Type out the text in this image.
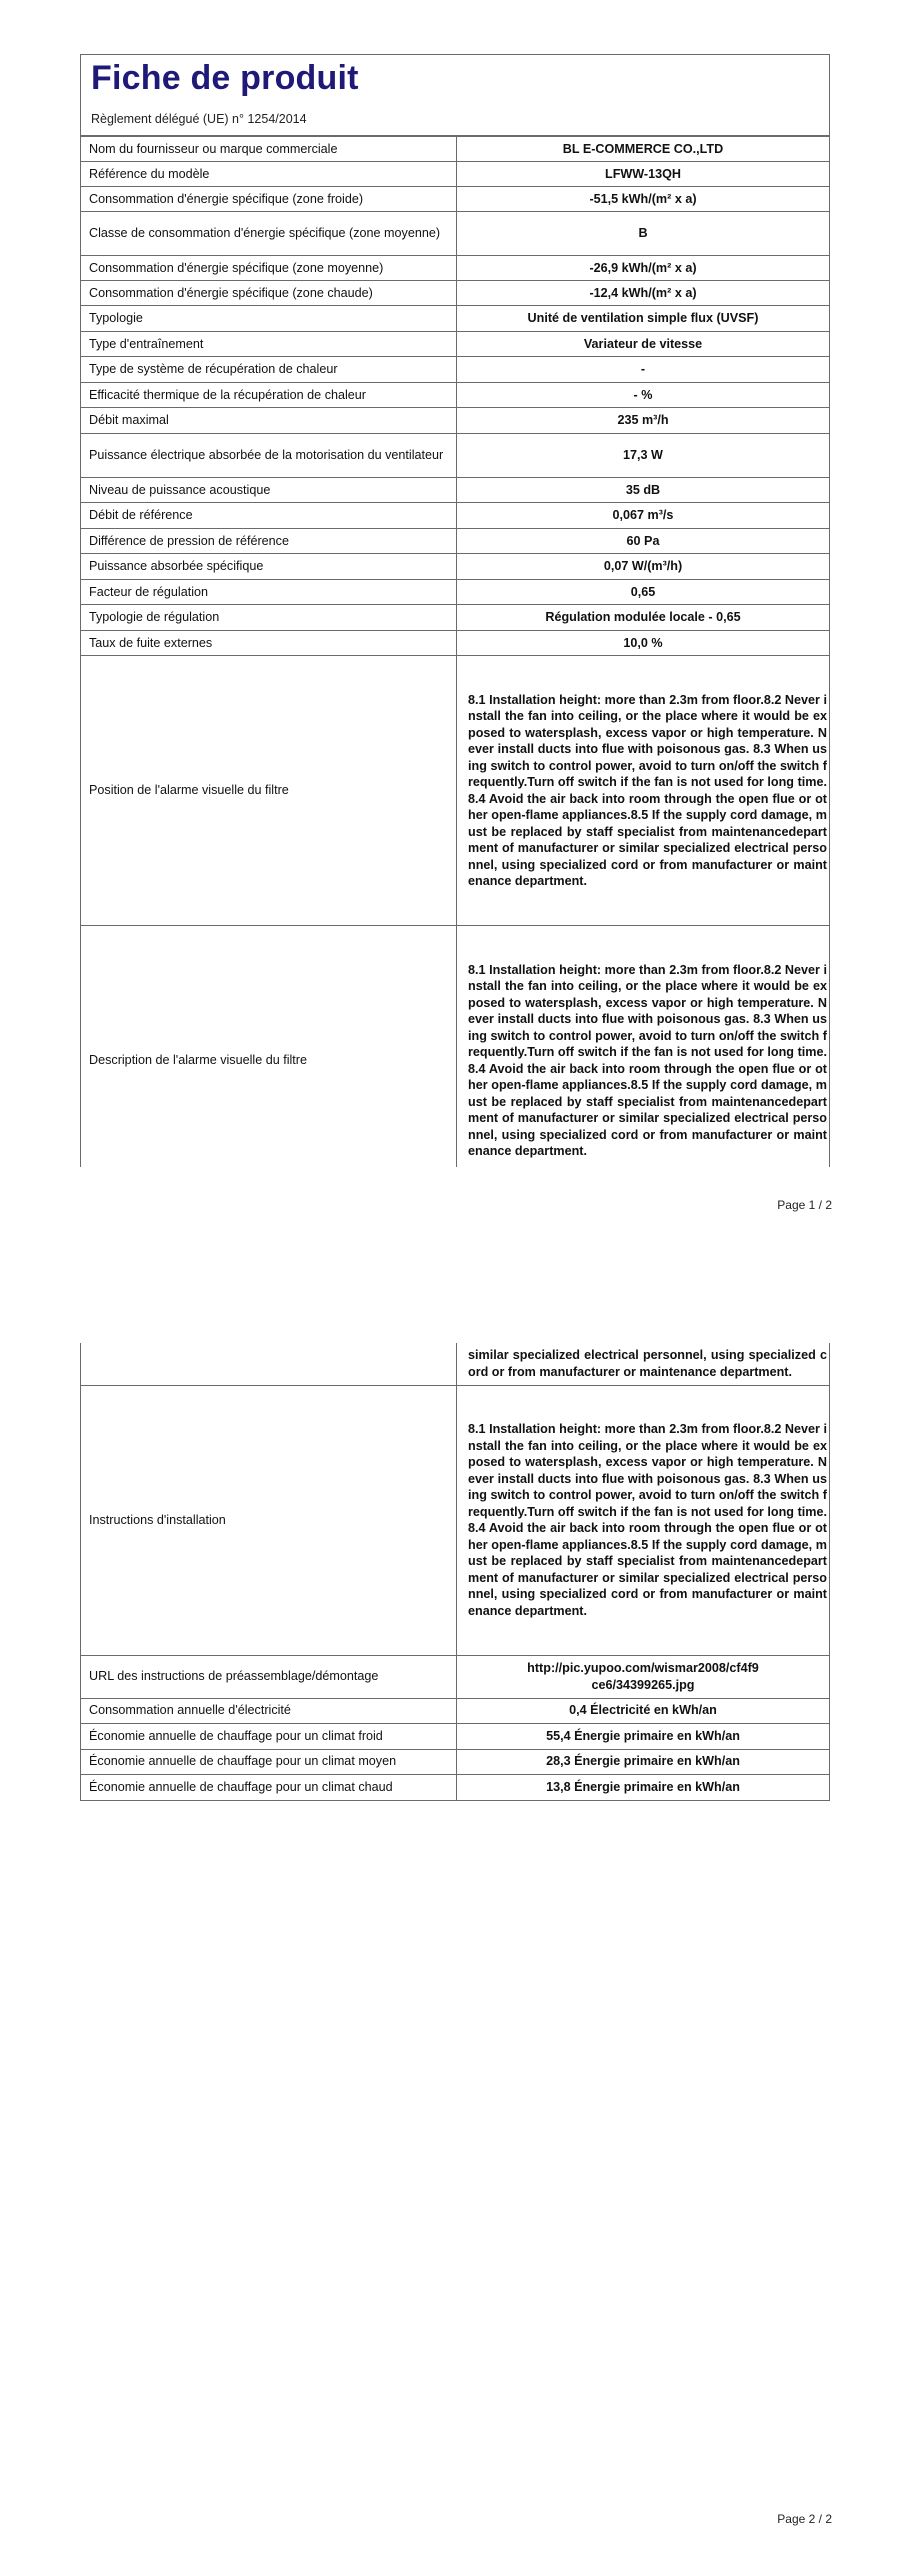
Fiche de produit
Règlement délégué (UE) n° 1254/2014
Nom du fournisseur ou marque commerciale	BL E-COMMERCE CO.,LTD
Référence du modèle	LFWW-13QH
Consommation d'énergie spécifique (zone froide)	-51,5 kWh/(m² x a)
Classe de consommation d'énergie spécifique (zone moyenne)	B
Consommation d'énergie spécifique (zone moyenne)	-26,9 kWh/(m² x a)
Consommation d'énergie spécifique (zone chaude)	-12,4 kWh/(m² x a)
Typologie	Unité de ventilation simple flux (UVSF)
Type d'entraînement	Variateur de vitesse
Type de système de récupération de chaleur	-
Efficacité thermique de la récupération de chaleur	- %
Débit maximal	235 m³/h
Puissance électrique absorbée de la motorisation du ventilateur	17,3 W
Niveau de puissance acoustique	35 dB
Débit de référence	0,067 m³/s
Différence de pression de référence	60 Pa
Puissance absorbée spécifique	0,07 W/(m³/h)
Facteur de régulation	0,65
Typologie de régulation	Régulation modulée locale - 0,65
Taux de fuite externes	10,0 %
Position de l'alarme visuelle du filtre	8.1 Installation height: more than 2.3m from floor.8.2 Never install the fan into ceiling, or the place where it would be exposed to watersplash, excess vapor or high temperature. Never install ducts into flue with poisonous gas. 8.3 When using switch to control power, avoid to turn on/off the switch frequently.Turn off switch if the fan is not used for long time.8.4 Avoid the air back into room through the open flue or other open-flame appliances.8.5 If the supply cord damage, must be replaced by staff specialist from maintenancedepartment of manufacturer or similar specialized electrical personnel, using specialized cord or from manufacturer or maintenance department.
Description de l'alarme visuelle du filtre	8.1 Installation height: more than 2.3m from floor.8.2 Never install the fan into ceiling, or the place where it would be exposed to watersplash, excess vapor or high temperature. Never install ducts into flue with poisonous gas. 8.3 When using switch to control power, avoid to turn on/off the switch frequently.Turn off switch if the fan is not used for long time.8.4 Avoid the air back into room through the open flue or other open-flame appliances.8.5 If the supply cord damage, must be replaced by staff specialist from maintenancedepartment of manufacturer or similar specialized electrical personnel, using specialized cord or from manufacturer or maintenance department.
Page 1 / 2
	similar specialized electrical personnel, using specialized cord or from manufacturer or maintenance department.
Instructions d'installation	8.1 Installation height: more than 2.3m from floor.8.2 Never install the fan into ceiling, or the place where it would be exposed to watersplash, excess vapor or high temperature. Never install ducts into flue with poisonous gas. 8.3 When using switch to control power, avoid to turn on/off the switch frequently.Turn off switch if the fan is not used for long time.8.4 Avoid the air back into room through the open flue or other open-flame appliances.8.5 If the supply cord damage, must be replaced by staff specialist from maintenancedepartment of manufacturer or similar specialized electrical personnel, using specialized cord or from manufacturer or maintenance department.
URL des instructions de préassemblage/démontage	http://pic.yupoo.com/wismar2008/cf4f9ce6/34399265.jpg
Consommation annuelle d'électricité	0,4 Électricité en kWh/an
Économie annuelle de chauffage pour un climat froid	55,4 Énergie primaire en kWh/an
Économie annuelle de chauffage pour un climat moyen	28,3 Énergie primaire en kWh/an
Économie annuelle de chauffage pour un climat chaud	13,8 Énergie primaire en kWh/an
Page 2 / 2
